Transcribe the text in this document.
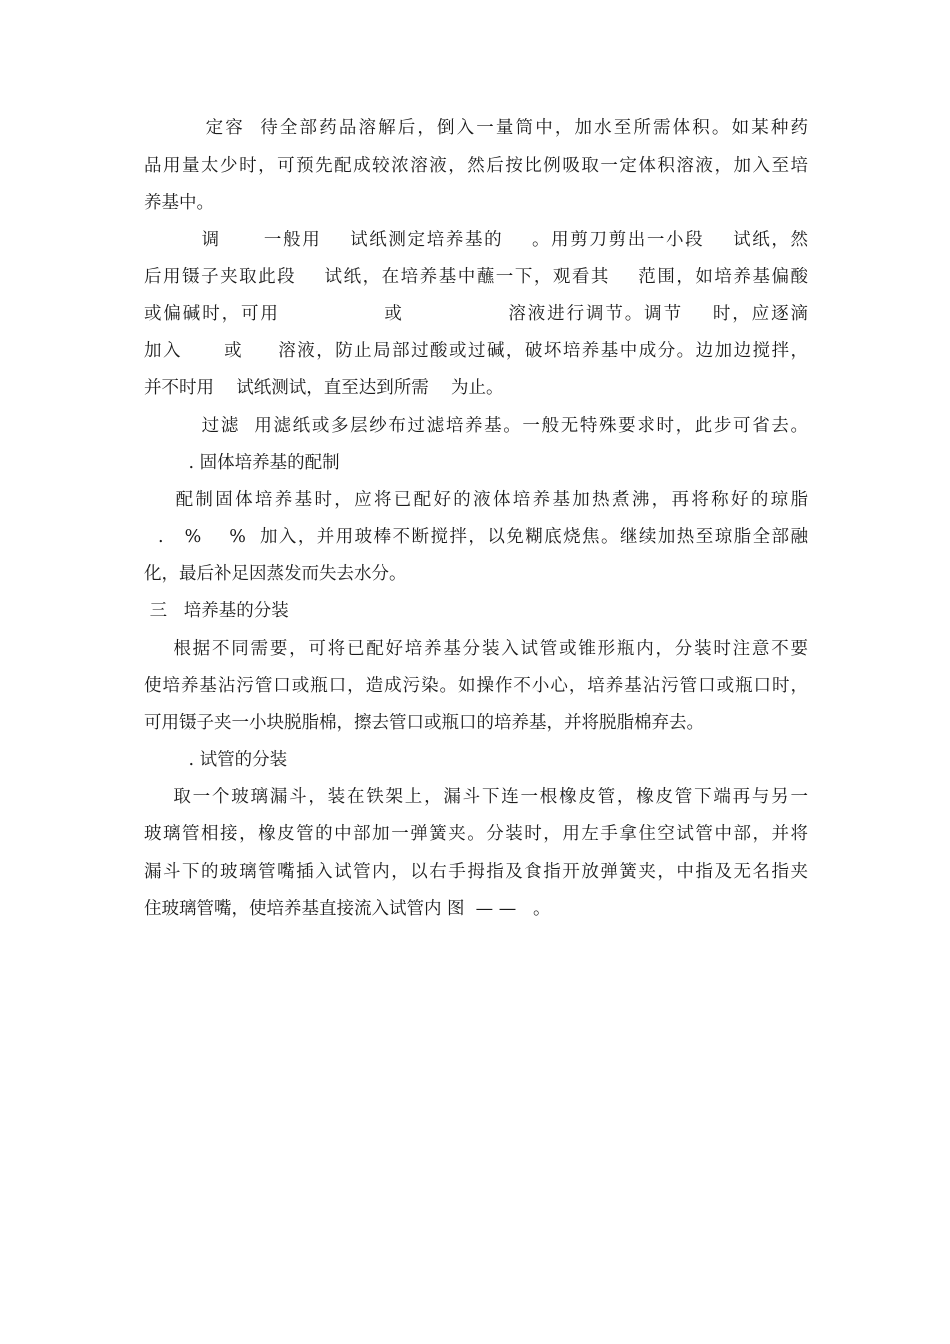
定容  待全部药品溶解后，倒入一量筒中，加水至所需体积。如某种药
品用量太少时，可预先配成较浓溶液，然后按比例吸取一定体积溶液，加入至培
养基中。
调      一般用    试纸测定培养基的    。用剪刀剪出一小段    试纸，然
后用镊子夹取此段    试纸，在培养基中蘸一下，观看其    范围，如培养基偏酸
或偏碱时，可用              或              溶液进行调节。调节    时，应逐滴
加入      或     溶液，防止局部过酸或过碱，破坏培养基中成分。边加边搅拌，
并不时用    试纸测试，直至达到所需    为止。
过滤  用滤纸或多层纱布过滤培养基。一般无特殊要求时，此步可省去。
. 固体培养基的配制
配制固体培养基时，应将已配好的液体培养基加热煮沸，再将称好的琼脂
.   %    %  加入，并用玻棒不断搅拌，以免糊底烧焦。继续加热至琼脂全部融
化，最后补足因蒸发而失去水分。
三   培养基的分装
根据不同需要，可将已配好培养基分装入试管或锥形瓶内，分装时注意不要
使培养基沾污管口或瓶口，造成污染。如操作不小心，培养基沾污管口或瓶口时，
可用镊子夹一小块脱脂棉，擦去管口或瓶口的培养基，并将脱脂棉弃去。
. 试管的分装
取一个玻璃漏斗，装在铁架上，漏斗下连一根橡皮管，橡皮管下端再与另一
玻璃管相接，橡皮管的中部加一弹簧夹。分装时，用左手拿住空试管中部，并将
漏斗下的玻璃管嘴插入试管内，以右手拇指及食指开放弹簧夹，中指及无名指夹
住玻璃管嘴，使培养基直接流入试管内 图  — —   。
